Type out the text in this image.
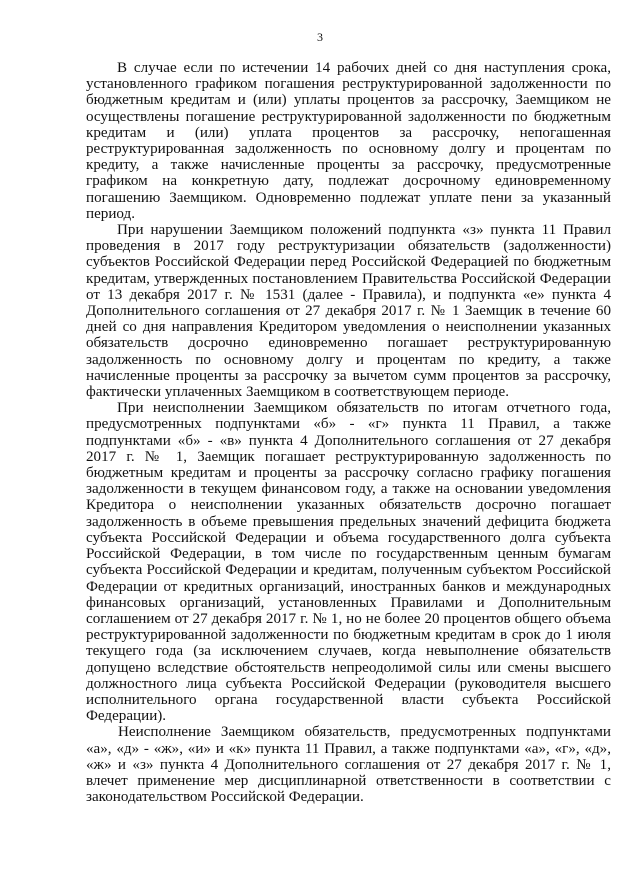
3

В случае если по истечении 14 рабочих дней со дня наступления срока, установленного графиком погашения реструктурированной задолженности по бюджетным кредитам и (или) уплаты процентов за рассрочку, Заемщиком не осуществлены погашение реструктурированной задолженности по бюджетным кредитам и (или) уплата процентов за рассрочку, непогашенная реструктурированная задолженность по основному долгу и процентам по кредиту, а также начисленные проценты за рассрочку, предусмотренные графиком на конкретную дату, подлежат досрочному единовременному погашению Заемщиком. Одновременно подлежат уплате пени за указанный период.

При нарушении Заемщиком положений подпункта «з» пункта 11 Правил проведения в 2017 году реструктуризации обязательств (задолженности) субъектов Российской Федерации перед Российской Федерацией по бюджетным кредитам, утвержденных постановлением Правительства Российской Федерации от 13 декабря 2017 г. № 1531 (далее - Правила), и подпункта «е» пункта 4 Дополнительного соглашения от 27 декабря 2017 г. № 1 Заемщик в течение 60 дней со дня направления Кредитором уведомления о неисполнении указанных обязательств досрочно единовременно погашает реструктурированную задолженность по основному долгу и процентам по кредиту, а также начисленные проценты за рассрочку за вычетом сумм процентов за рассрочку, фактически уплаченных Заемщиком в соответствующем периоде.

При неисполнении Заемщиком обязательств по итогам отчетного года, предусмотренных подпунктами «б» - «г» пункта 11 Правил, а также подпунктами «б» - «в» пункта 4 Дополнительного соглашения от 27 декабря 2017 г. № 1, Заемщик погашает реструктурированную задолженность по бюджетным кредитам и проценты за рассрочку согласно графику погашения задолженности в текущем финансовом году, а также на основании уведомления Кредитора о неисполнении указанных обязательств досрочно погашает задолженность в объеме превышения предельных значений дефицита бюджета субъекта Российской Федерации и объема государственного долга субъекта Российской Федерации, в том числе по государственным ценным бумагам субъекта Российской Федерации и кредитам, полученным субъектом Российской Федерации от кредитных организаций, иностранных банков и международных финансовых организаций, установленных Правилами и Дополнительным соглашением от 27 декабря 2017 г. № 1, но не более 20 процентов общего объема реструктурированной задолженности по бюджетным кредитам в срок до 1 июля текущего года (за исключением случаев, когда невыполнение обязательств допущено вследствие обстоятельств непреодолимой силы или смены высшего должностного лица субъекта Российской Федерации (руководителя высшего исполнительного органа государственной власти субъекта Российской Федерации).

Неисполнение Заемщиком обязательств, предусмотренных подпунктами «а», «д» - «ж», «и» и «к» пункта 11 Правил, а также подпунктами «а», «г», «д», «ж» и «з» пункта 4 Дополнительного соглашения от 27 декабря 2017 г. № 1, влечет применение мер дисциплинарной ответственности в соответствии с законодательством Российской Федерации.
